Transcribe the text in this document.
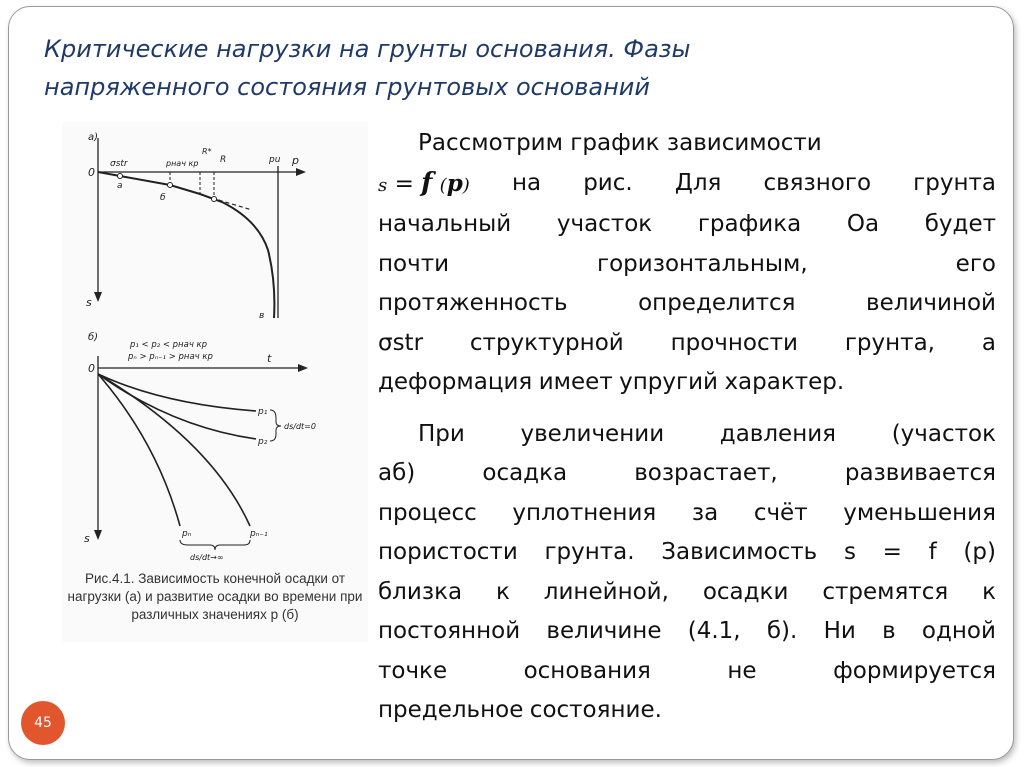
Критические нагрузки на грунты основания. Фазы
напряженного состояния грунтовых оснований
а)
0
p
s
σstr	pнач кр
R*
R	pu
а
б
в
б)
p₁ < p₂ < pнач кр
pₙ > pₙ₋₁ > pнач кр
0
t
s
p₁
p₂
ds/dt=0
pₙ	pₙ₋₁
ds/dt→∞
Рис.4.1. Зависимость конечной осадки от
нагрузки (а) и развитие осадки во времени при
различных значениях p (б)
Рассмотрим график зависимости
s = f (p) на рис. Для связного грунта
начальный участок графика Оа будет
почти	горизонтальным,	его
протяженность	определится	величиной
σstr структурной прочности грунта, а
деформация имеет упругий характер.
При увеличении давления (участок
аб)	осадка	возрастает,	развивается
процесс уплотнения за счёт уменьшения
пористости грунта. Зависимость s = f (р)
близка к линейной, осадки стремятся к
постоянной величине (4.1, б). Ни в одной
точке	основания	не	формируется
предельное состояние.
45
